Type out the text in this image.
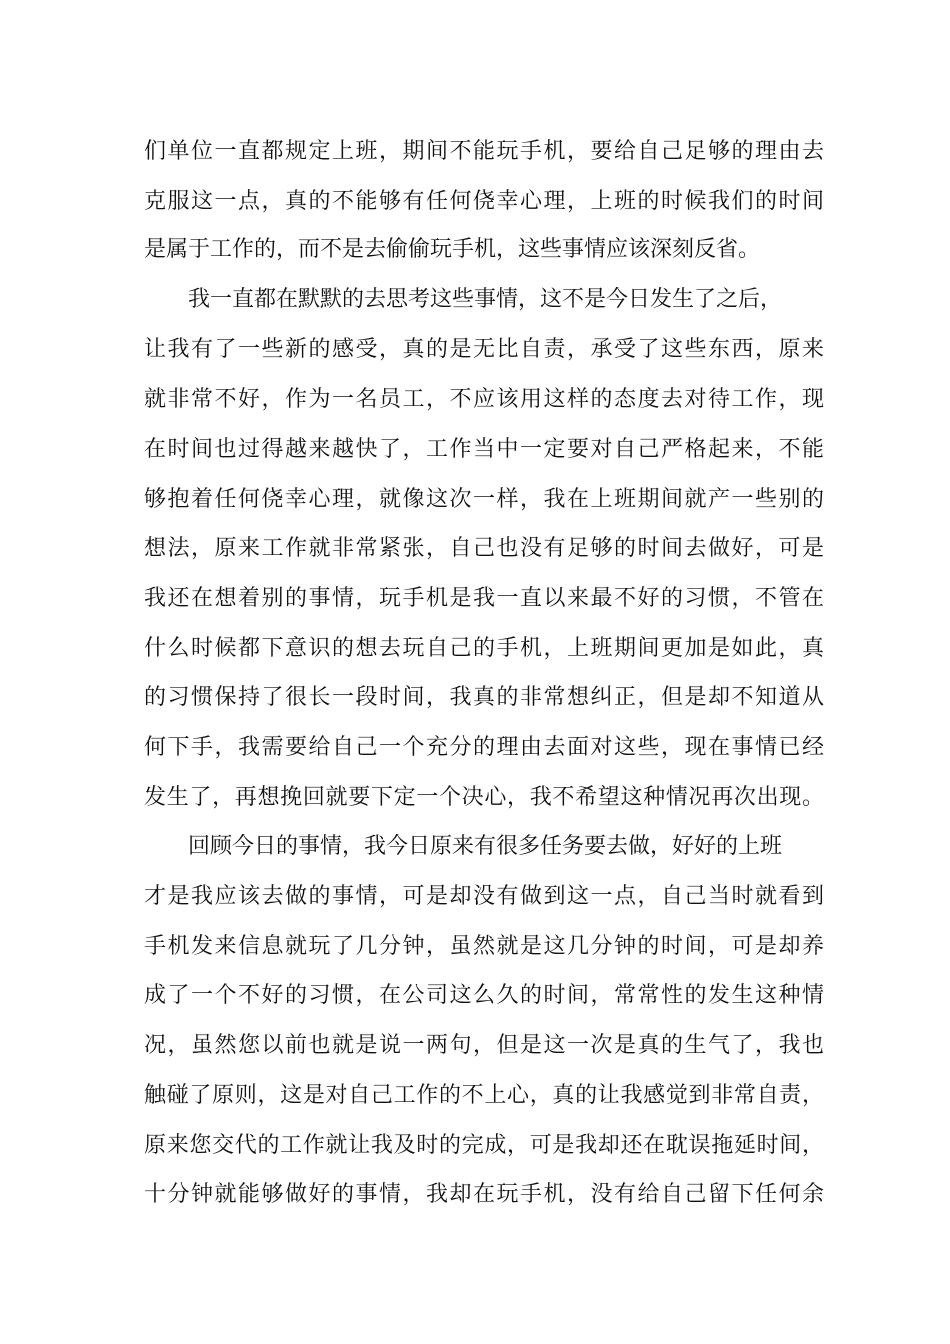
们单位一直都规定上班，期间不能玩手机，要给自己足够的理由去
克服这一点，真的不能够有任何侥幸心理，上班的时候我们的时间
是属于工作的，而不是去偷偷玩手机，这些事情应该深刻反省。
我一直都在默默的去思考这些事情，这不是今日发生了之后，
让我有了一些新的感受，真的是无比自责，承受了这些东西，原来
就非常不好，作为一名员工，不应该用这样的态度去对待工作，现
在时间也过得越来越快了，工作当中一定要对自己严格起来，不能
够抱着任何侥幸心理，就像这次一样，我在上班期间就产一些别的
想法，原来工作就非常紧张，自己也没有足够的时间去做好，可是
我还在想着别的事情，玩手机是我一直以来最不好的习惯，不管在
什么时候都下意识的想去玩自己的手机，上班期间更加是如此，真
的习惯保持了很长一段时间，我真的非常想纠正，但是却不知道从
何下手，我需要给自己一个充分的理由去面对这些，现在事情已经
发生了，再想挽回就要下定一个决心，我不希望这种情况再次出现。
回顾今日的事情，我今日原来有很多任务要去做，好好的上班
才是我应该去做的事情，可是却没有做到这一点，自己当时就看到
手机发来信息就玩了几分钟，虽然就是这几分钟的时间，可是却养
成了一个不好的习惯，在公司这么久的时间，常常性的发生这种情
况，虽然您以前也就是说一两句，但是这一次是真的生气了，我也
触碰了原则，这是对自己工作的不上心，真的让我感觉到非常自责，
原来您交代的工作就让我及时的完成，可是我却还在耽误拖延时间，
十分钟就能够做好的事情，我却在玩手机，没有给自己留下任何余
